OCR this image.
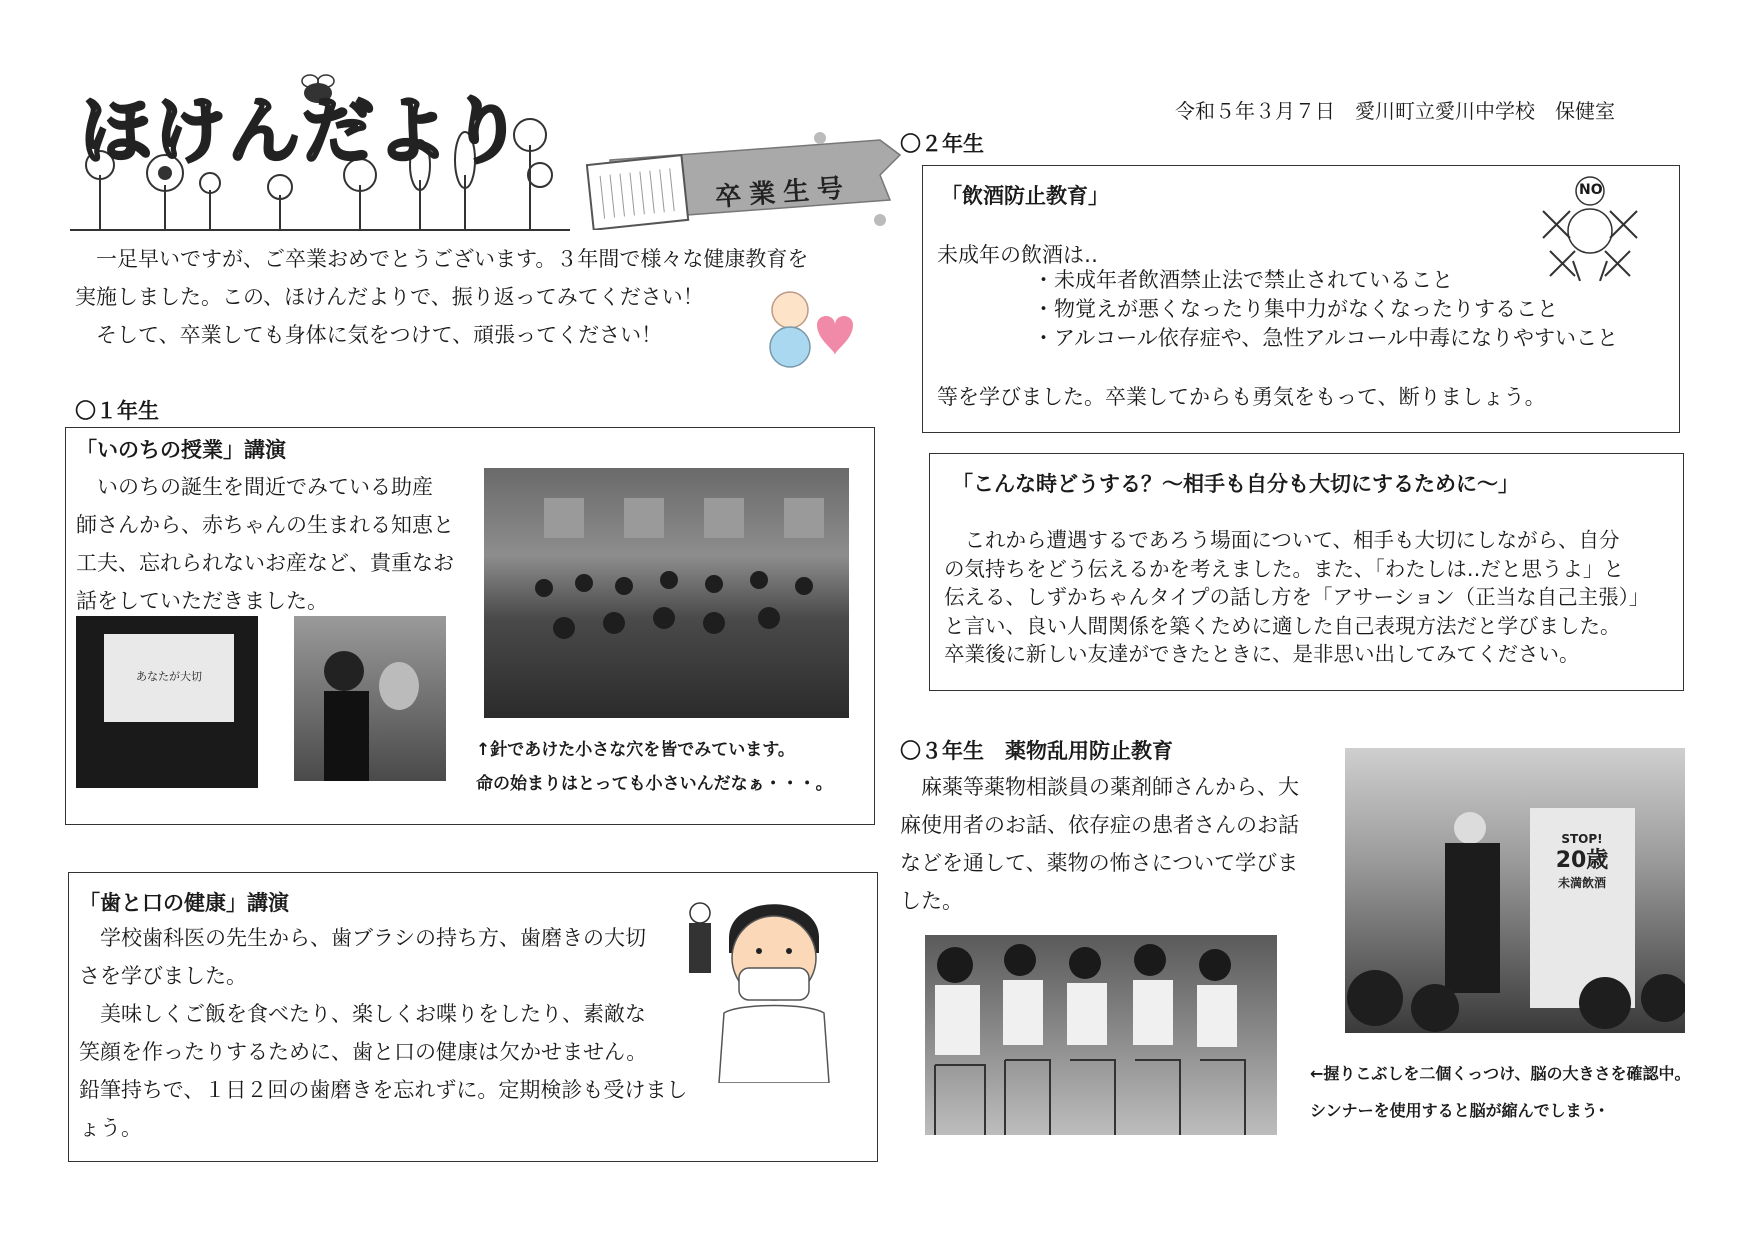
ほけんだより
卒業生号
令和５年３月７日　愛川町立愛川中学校　保健室
　一足早いですが、ご卒業おめでとうございます。３年間で様々な健康教育を
実施しました。この、ほけんだよりで、振り返ってみてください！
　そして、卒業しても身体に気をつけて、頑張ってください！
〇１年生
「いのちの授業」講演
　いのちの誕生を間近でみている助産
師さんから、赤ちゃんの生まれる知恵と
工夫、忘れられないお産など、貴重なお
話をしていただきました。
あなたが大切
↑針であけた小さな穴を皆でみています。
命の始まりはとっても小さいんだなぁ・・・。
「歯と口の健康」講演
　学校歯科医の先生から、歯ブラシの持ち方、歯磨きの大切
さを学びました。
　美味しくご飯を食べたり、楽しくお喋りをしたり、素敵な
笑顔を作ったりするために、歯と口の健康は欠かせません。
鉛筆持ちで、１日２回の歯磨きを忘れずに。定期検診も受けまし
ょう。
〇２年生
「飲酒防止教育」
未成年の飲酒は‥
・未成年者飲酒禁止法で禁止されていること
・物覚えが悪くなったり集中力がなくなったりすること
・アルコール依存症や、急性アルコール中毒になりやすいこと
等を学びました。卒業してからも勇気をもって、断りましょう。
NO
「こんな時どうする？～相手も自分も大切にするために～」
　これから遭遇するであろう場面について、相手も大切にしながら、自分
の気持ちをどう伝えるかを考えました。また、「わたしは‥だと思うよ」と
伝える、しずかちゃんタイプの話し方を「アサーション（正当な自己主張）」
と言い、良い人間関係を築くために適した自己表現方法だと学びました。
卒業後に新しい友達ができたときに、是非思い出してみてください。
〇３年生　薬物乱用防止教育
　麻薬等薬物相談員の薬剤師さんから、大
麻使用者のお話、依存症の患者さんのお話
などを通して、薬物の怖さについて学びま
した。
STOP!
20歳
未満飲酒
←握りこぶしを二個くっつけ、脳の大きさを確認中。
シンナーを使用すると脳が縮んでしまう･
